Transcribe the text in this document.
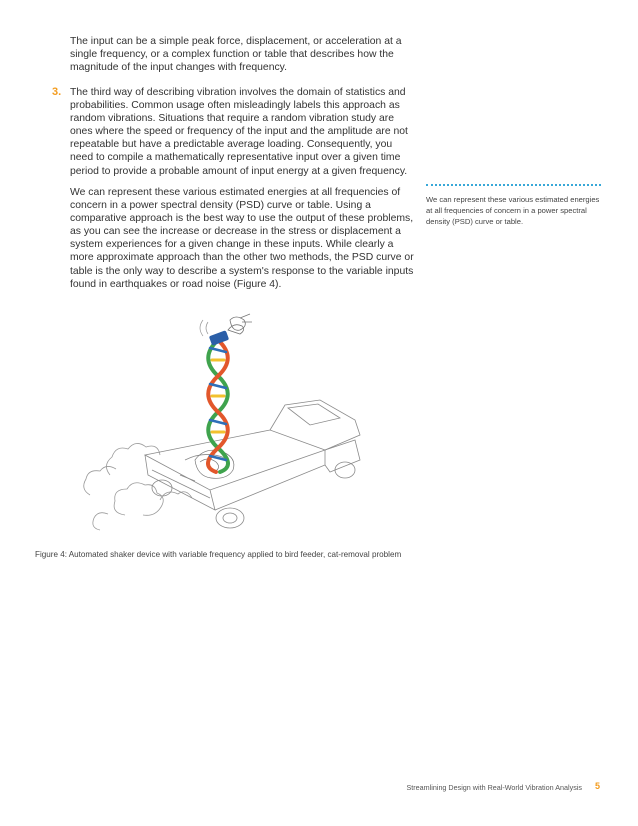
The input can be a simple peak force, displacement, or acceleration at a single frequency, or a complex function or table that describes how the magnitude of the input changes with frequency.

3. The third way of describing vibration involves the domain of statistics and probabilities. Common usage often misleadingly labels this approach as random vibrations. Situations that require a random vibration study are ones where the speed or frequency of the input and the amplitude are not repeatable but have a predictable average loading. Consequently, you need to compile a mathematically representative input over a given time period to provide a probable amount of input energy at a given frequency.

We can represent these various estimated energies at all frequencies of concern in a power spectral density (PSD) curve or table. Using a comparative approach is the best way to use the output of these problems, as you can see the increase or decrease in the stress or displacement a system experiences for a given change in these inputs. While clearly a more approximate approach than the other two methods, the PSD curve or table is the only way to describe a system's response to the variable inputs found in earthquakes or road noise (Figure 4).

We can represent these various estimated energies at all frequencies of concern in a power spectral density (PSD) curve or table.
Figure 4: Automated shaker device with variable frequency applied to bird feeder, cat-removal problem
Streamlining Design with Real-World Vibration Analysis 5
